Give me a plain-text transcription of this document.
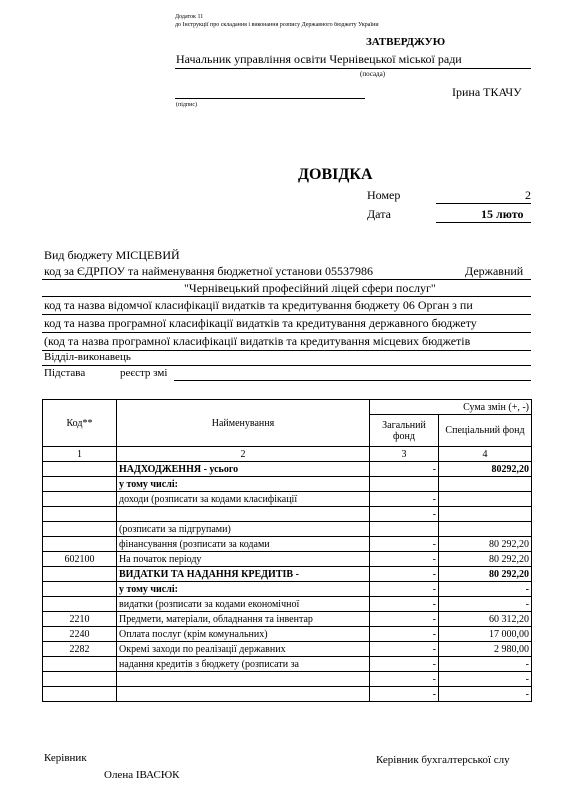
Додаток 11
до Інструкції про складання і виконання розпису Державного бюджету України
ЗАТВЕРДЖУЮ
Начальник управління освіти Чернівецької міської ради
(посада)
Ірина ТКАЧУ
(підпис)
ДОВІДКА
Номер	2
Дата	15 люто
Вид бюджету МІСЦЕВИЙ
код за ЄДРПОУ та найменування бюджетної установи 05537986	Державний
"Чернівецький професійний ліцей сфери послуг"
код та назва відомчої класифікації видатків та кредитування бюджету 06 Орган з пи
код та назва програмної класифікації видатків та кредитування державного бюджету
(код та назва програмної класифікації видатків та кредитування місцевих бюджетів
Відділ-виконавець
Підстава	реєстр змі
Код**	Найменування	Сума змін (+, -)	
		Загальний фонд	Спеціальний фонд
1	2	3	4
	НАДХОДЖЕННЯ - усього	-	80292,20
	у тому числі:		
	доходи (розписати за кодами класифікації	-	
		-	
	(розписати за підгрупами)		
	фінансування (розписати за кодами	-	80 292,20
602100	На початок періоду	-	80 292,20
	ВИДАТКИ ТА НАДАННЯ КРЕДИТІВ -	-	80 292,20
	у тому числі:	-	-
	видатки (розписати за кодами економічної	-	-
2210	Предмети, матеріали, обладнання та інвентар	-	60 312,20
2240	Оплата послуг (крім комунальних)	-	17 000,00
2282	Окремі заходи по реалізації державних	-	2 980,00
	надання кредитів з бюджету (розписати за	-	-
		-	-
		-	-
Керівник
Олена ІВАСЮК
Керівник бухгалтерської слу
